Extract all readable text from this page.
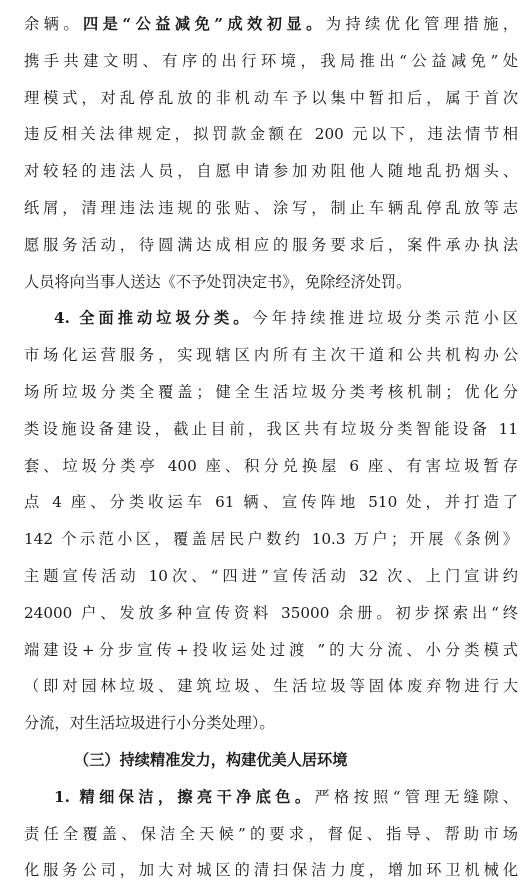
余辆。四是“公益减免”成效初显。为持续优化管理措施，
携手共建文明、有序的出行环境，我局推出“公益减免”处
理模式，对乱停乱放的非机动车予以集中暂扣后，属于首次
违反相关法律规定，拟罚款金额在 200 元以下，违法情节相
对较轻的违法人员，自愿申请参加劝阻他人随地乱扔烟头、
纸屑，清理违法违规的张贴、涂写，制止车辆乱停乱放等志
愿服务活动，待圆满达成相应的服务要求后，案件承办执法
人员将向当事人送达《不予处罚决定书》，免除经济处罚。
4. 全面推动垃圾分类。今年持续推进垃圾分类示范小区
市场化运营服务，实现辖区内所有主次干道和公共机构办公
场所垃圾分类全覆盖；健全生活垃圾分类考核机制；优化分
类设施设备建设，截止目前，我区共有垃圾分类智能设备 11
套、垃圾分类亭 400 座、积分兑换屋 6 座、有害垃圾暂存
点 4 座、分类收运车 61 辆、宣传阵地 510 处，并打造了
142 个示范小区，覆盖居民户数约 10.3 万户；开展《条例》
主题宣传活动 10次、“四进”宣传活动 32 次、上门宣讲约
24000 户、发放多种宣传资料 35000 余册。初步探索出“终
端建设+分步宣传+投收运处过渡 ”的大分流、小分类模式
（即对园林垃圾、建筑垃圾、生活垃圾等固体废弃物进行大
分流，对生活垃圾进行小分类处理）。
（三）持续精准发力，构建优美人居环境
1. 精细保洁，擦亮干净底色。严格按照“管理无缝隙、
责任全覆盖、保洁全天候”的要求，督促、指导、帮助市场
化服务公司，加大对城区的清扫保洁力度，增加环卫机械化
